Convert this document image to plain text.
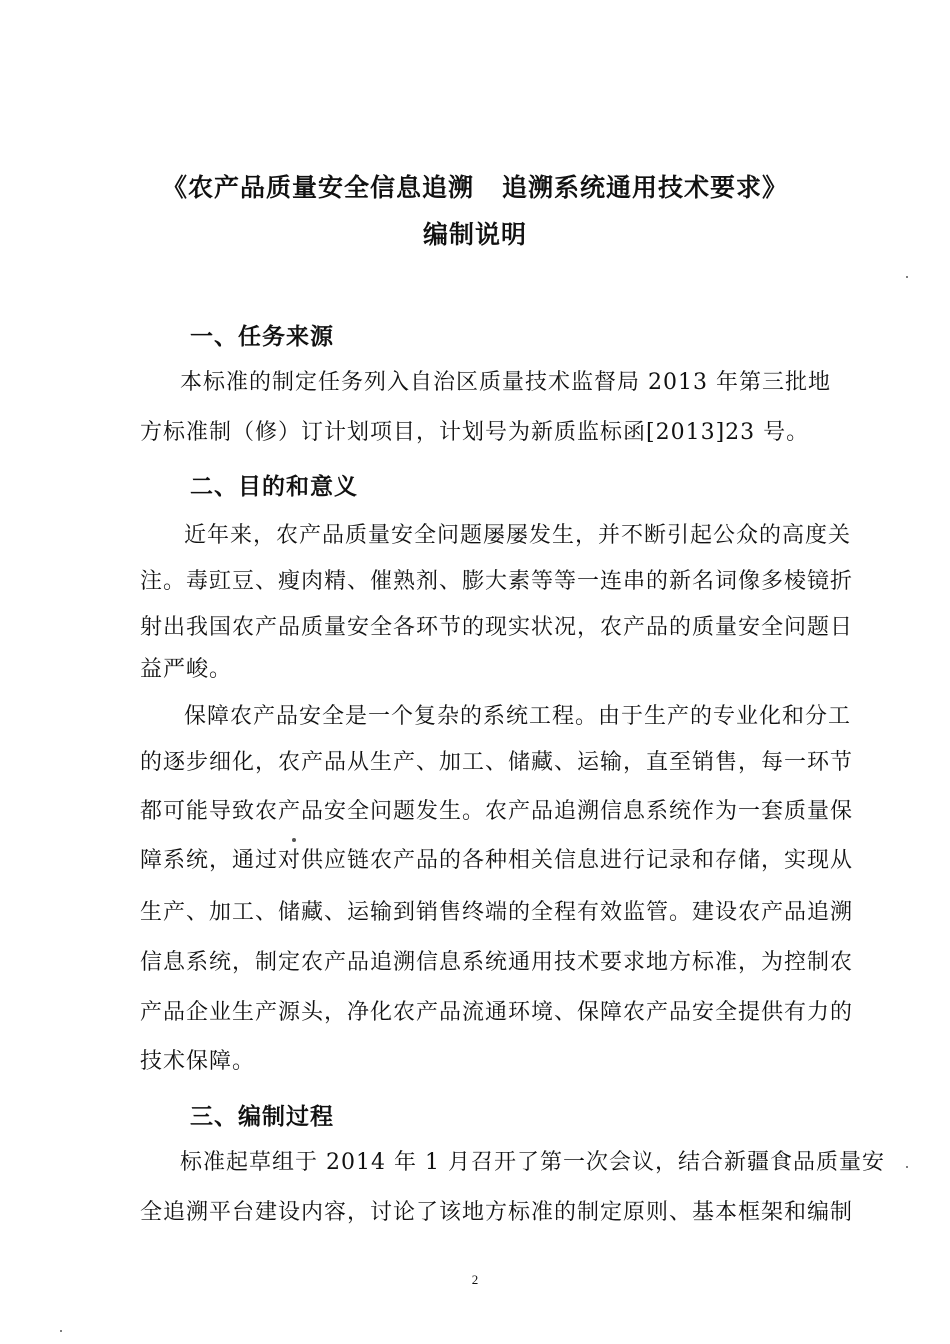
《农产品质量安全信息追溯 追溯系统通用技术要求》
编制说明
一、任务来源
本标准的制定任务列入自治区质量技术监督局 2013 年第三批地
方标准制（修）订计划项目，计划号为新质监标函[2013]23 号。
二、目的和意义
近年来，农产品质量安全问题屡屡发生，并不断引起公众的高度关
注。毒豇豆、瘦肉精、催熟剂、膨大素等等一连串的新名词像多棱镜折
射出我国农产品质量安全各环节的现实状况，农产品的质量安全问题日
益严峻。
保障农产品安全是一个复杂的系统工程。由于生产的专业化和分工
的逐步细化，农产品从生产、加工、储藏、运输，直至销售，每一环节
都可能导致农产品安全问题发生。农产品追溯信息系统作为一套质量保
障系统，通过对供应链农产品的各种相关信息进行记录和存储，实现从
生产、加工、储藏、运输到销售终端的全程有效监管。建设农产品追溯
信息系统，制定农产品追溯信息系统通用技术要求地方标准，为控制农
产品企业生产源头，净化农产品流通环境、保障农产品安全提供有力的
技术保障。
三、编制过程
标准起草组于 2014 年 1 月召开了第一次会议，结合新疆食品质量安
全追溯平台建设内容，讨论了该地方标准的制定原则、基本框架和编制
2
